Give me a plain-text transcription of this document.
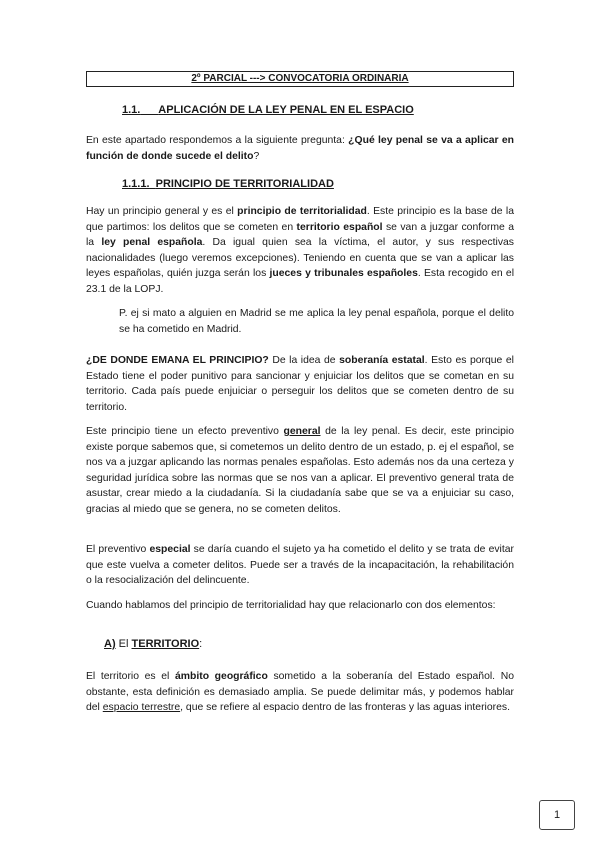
2º PARCIAL ---> CONVOCATORIA ORDINARIA
1.1. APLICACIÓN DE LA LEY PENAL EN EL ESPACIO

En este apartado respondemos a la siguiente pregunta: ¿Qué ley penal se va a aplicar en función de donde sucede el delito?

1.1.1. PRINCIPIO DE TERRITORIALIDAD

Hay un principio general y es el principio de territorialidad. Este principio es la base de la que partimos: los delitos que se cometen en territorio español se van a juzgar conforme a la ley penal española. Da igual quien sea la víctima, el autor, y sus respectivas nacionalidades (luego veremos excepciones). Teniendo en cuenta que se van a aplicar las leyes españolas, quién juzga serán los jueces y tribunales españoles. Esta recogido en el 23.1 de la LOPJ.

P. ej si mato a alguien en Madrid se me aplica la ley penal española, porque el delito se ha cometido en Madrid.

¿DE DONDE EMANA EL PRINCIPIO? De la idea de soberanía estatal. Esto es porque el Estado tiene el poder punitivo para sancionar y enjuiciar los delitos que se cometan en su territorio. Cada país puede enjuiciar o perseguir los delitos que se cometen dentro de su territorio.

Este principio tiene un efecto preventivo general de la ley penal. Es decir, este principio existe porque sabemos que, si cometemos un delito dentro de un estado, p. ej el español, se nos va a juzgar aplicando las normas penales españolas. Esto además nos da una certeza y seguridad jurídica sobre las normas que se nos van a aplicar. El preventivo general trata de asustar, crear miedo a la ciudadanía. Si la ciudadanía sabe que se va a enjuiciar su caso, gracias al miedo que se genera, no se cometen delitos.

El preventivo especial se daría cuando el sujeto ya ha cometido el delito y se trata de evitar que este vuelva a cometer delitos. Puede ser a través de la incapacitación, la rehabilitación o la resocialización del delincuente.

Cuando hablamos del principio de territorialidad hay que relacionarlo con dos elementos:

A) El TERRITORIO:

El territorio es el ámbito geográfico sometido a la soberanía del Estado español. No obstante, esta definición es demasiado amplia. Se puede delimitar más, y podemos hablar del espacio terrestre, que se refiere al espacio dentro de las fronteras y las aguas interiores.

1
